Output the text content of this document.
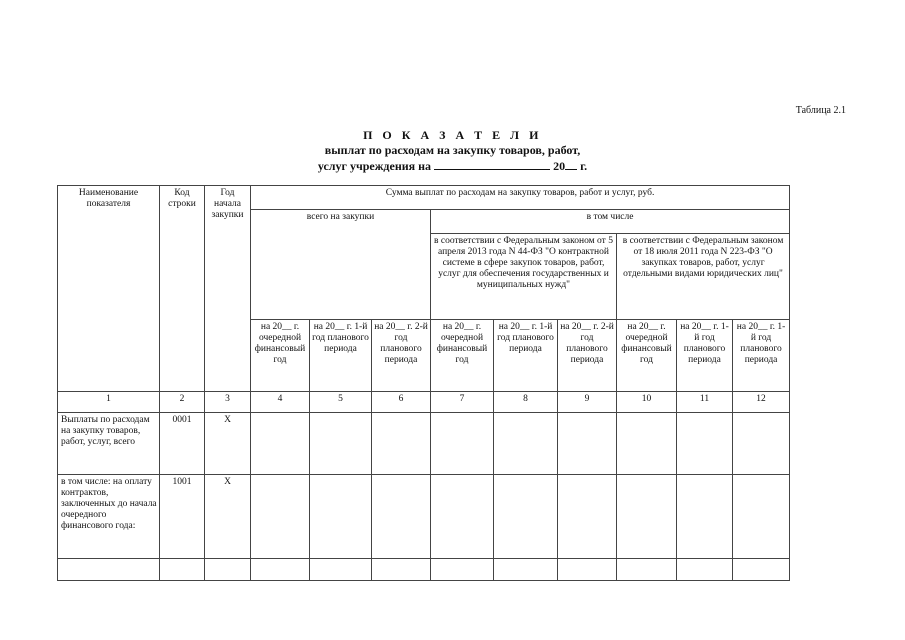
Таблица 2.1
П О К А З А Т Е Л И
выплат по расходам на закупку товаров, работ,
услуг учреждения на	20 г.
Наименование показателя	Код строки	Год начала закупки	Сумма выплат по расходам на закупку товаров, работ и услуг, руб.								
			всего на закупки			в том числе					
						в соответствии с Федеральным законом от 5 апреля 2013 года N 44-ФЗ "О контрактной системе в сфере закупок товаров, работ, услуг для обеспечения государственных и муниципальных нужд"			в соответствии с Федеральным законом от 18 июля 2011 года N 223-ФЗ "О закупках товаров, работ, услуг отдельными видами юридических лиц"		
			на 20__ г. очередной финансовый год	на 20__ г. 1-й год планового периода	на 20__ г. 2-й год планового периода	на 20__ г. очередной финансовый год	на 20__ г. 1-й год планового периода	на 20__ г. 2-й год планового периода	на 20__ г. очередной финансовый год	на 20__ г. 1-й год планового периода	на 20__ г. 1-й год планового периода
1	2	3	4	5	6	7	8	9	10	11	12
Выплаты по расходам на закупку товаров, работ, услуг, всего	0001	X									
в том числе: на оплату контрактов, заключенных до начала очередного финансового года:	1001	X									
